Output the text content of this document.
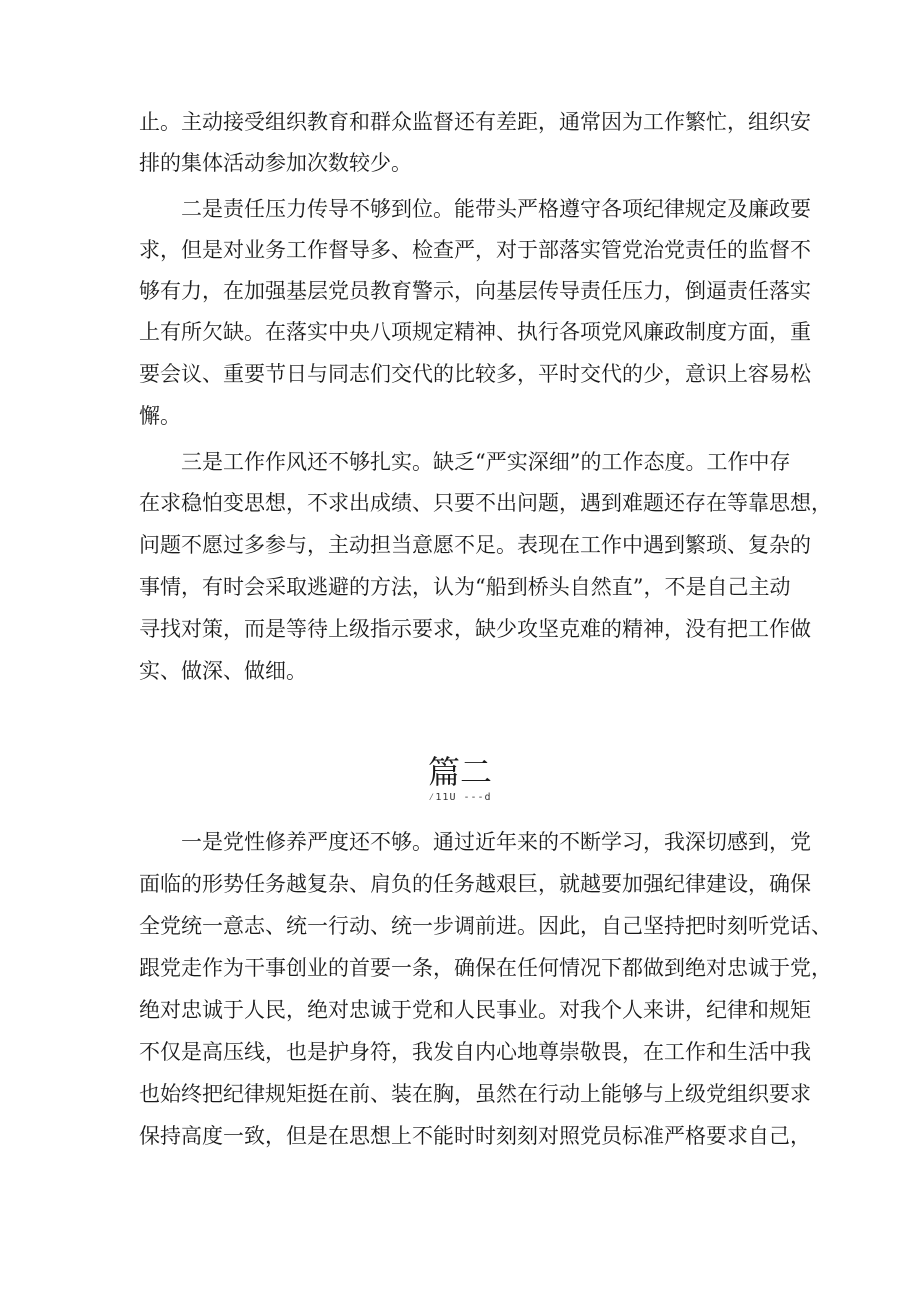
止。主动接受组织教育和群众监督还有差距，通常因为工作繁忙，组织安
排的集体活动参加次数较少。
二是责任压力传导不够到位。能带头严格遵守各项纪律规定及廉政要
求，但是对业务工作督导多、检查严，对于部落实管党治党责任的监督不
够有力，在加强基层党员教育警示，向基层传导责任压力，倒逼责任落实
上有所欠缺。在落实中央八项规定精神、执行各项党风廉政制度方面，重
要会议、重要节日与同志们交代的比较多，平时交代的少，意识上容易松
懈。
三是工作作风还不够扎实。缺乏“严实深细”的工作态度。工作中存
在求稳怕变思想，不求出成绩、只要不出问题，遇到难题还存在等靠思想，
问题不愿过多参与，主动担当意愿不足。表现在工作中遇到繁琐、复杂的
事情，有时会采取逃避的方法，认为“船到桥头自然直”，不是自己主动
寻找对策，而是等待上级指示要求，缺少攻坚克难的精神，没有把工作做
实、做深、做细。
篇二
⁄11U ---d
一是党性修养严度还不够。通过近年来的不断学习，我深切感到，党
面临的形势任务越复杂、肩负的任务越艰巨，就越要加强纪律建设，确保
全党统一意志、统一行动、统一步调前进。因此，自己坚持把时刻听党话、
跟党走作为干事创业的首要一条，确保在任何情况下都做到绝对忠诚于党，
绝对忠诚于人民，绝对忠诚于党和人民事业。对我个人来讲，纪律和规矩
不仅是高压线，也是护身符，我发自内心地尊崇敬畏，在工作和生活中我
也始终把纪律规矩挺在前、装在胸，虽然在行动上能够与上级党组织要求
保持高度一致，但是在思想上不能时时刻刻对照党员标准严格要求自己，
